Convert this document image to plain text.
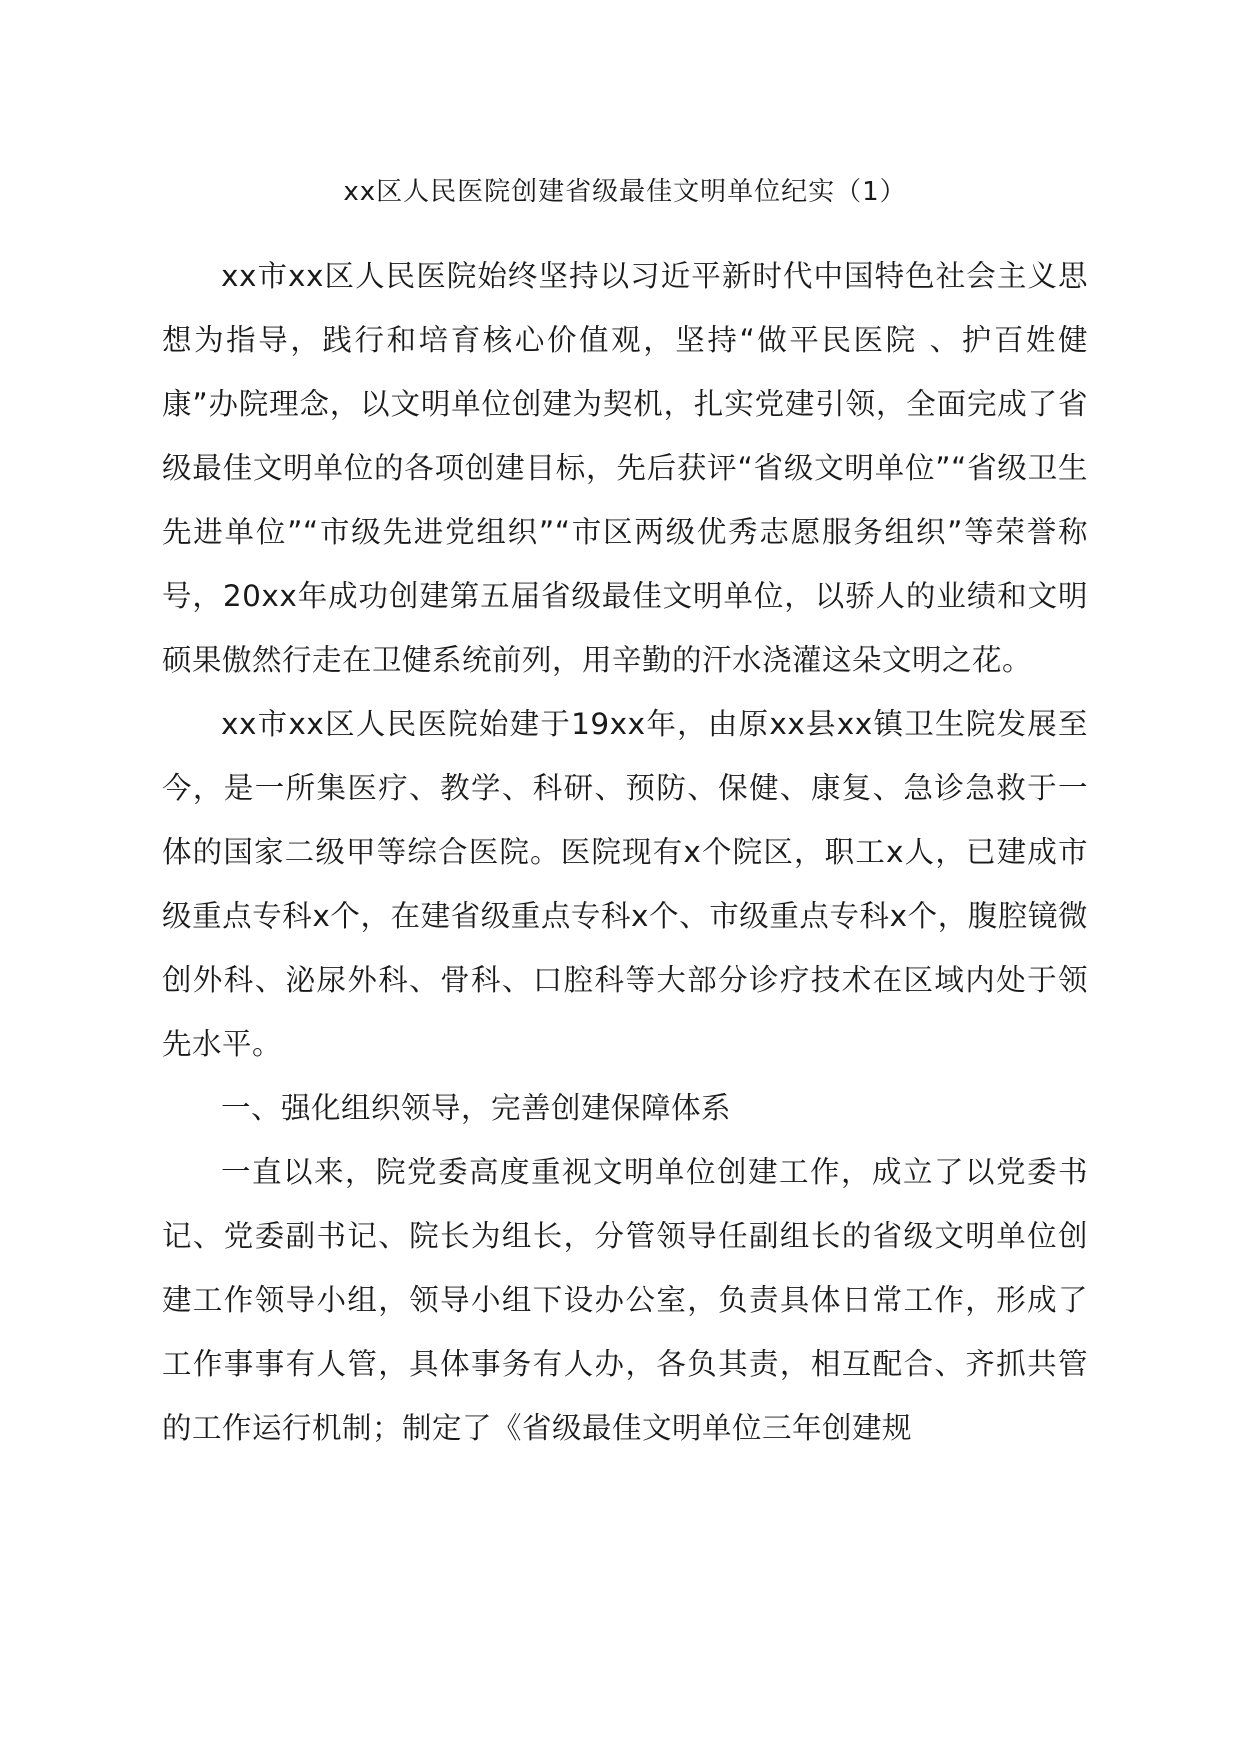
xx区人民医院创建省级最佳文明单位纪实（1）

xx市xx区人民医院始终坚持以习近平新时代中国特色社会主义思想为指导，践行和培育核心价值观，坚持“做平民医院 、护百姓健康”办院理念，以文明单位创建为契机，扎实党建引领，全面完成了省级最佳文明单位的各项创建目标，先后获评“省级文明单位”“省级卫生先进单位”“市级先进党组织”“市区两级优秀志愿服务组织”等荣誉称号，20xx年成功创建第五届省级最佳文明单位，以骄人的业绩和文明硕果傲然行走在卫健系统前列，用辛勤的汗水浇灌这朵文明之花。

xx市xx区人民医院始建于19xx年，由原xx县xx镇卫生院发展至今，是一所集医疗、教学、科研、预防、保健、康复、急诊急救于一体的国家二级甲等综合医院。医院现有x个院区，职工x人，已建成市级重点专科x个，在建省级重点专科x个、市级重点专科x个，腹腔镜微创外科、泌尿外科、骨科、口腔科等大部分诊疗技术在区域内处于领先水平。

一、强化组织领导，完善创建保障体系

一直以来，院党委高度重视文明单位创建工作，成立了以党委书记、党委副书记、院长为组长，分管领导任副组长的省级文明单位创建工作领导小组，领导小组下设办公室，负责具体日常工作，形成了工作事事有人管，具体事务有人办，各负其责，相互配合、齐抓共管的工作运行机制；制定了《省级最佳文明单位三年创建规
